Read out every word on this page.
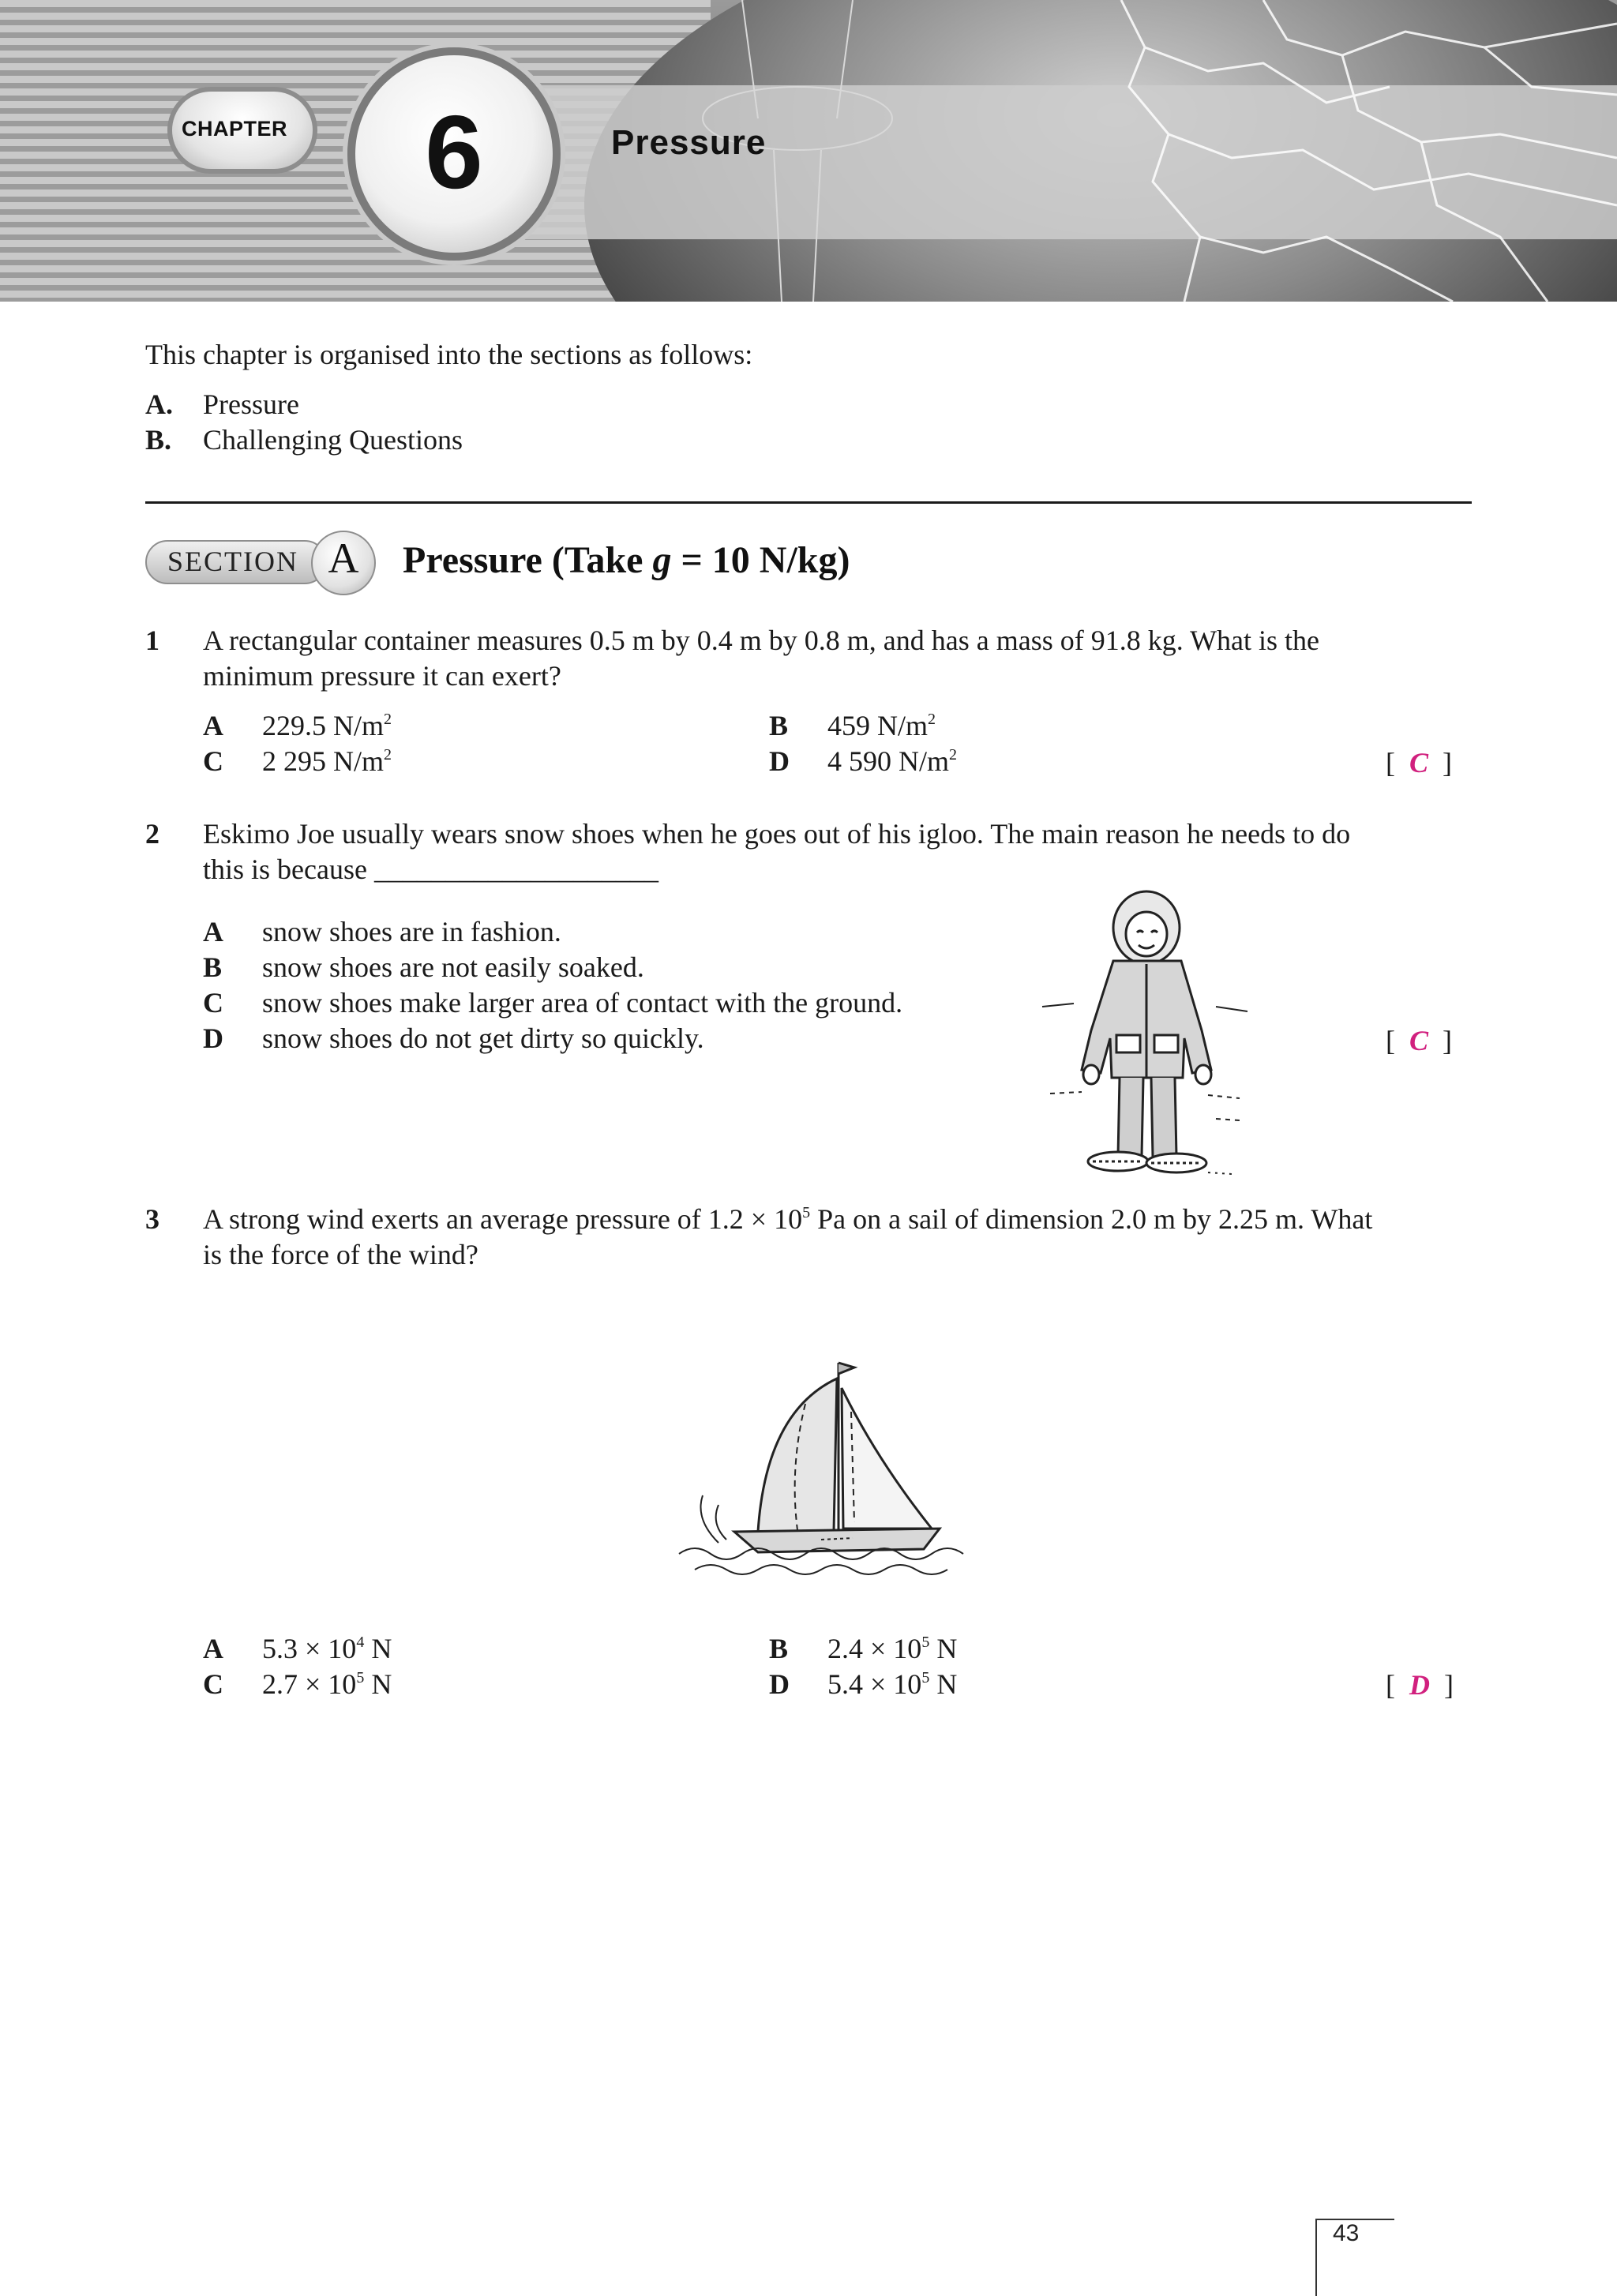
CHAPTER	6	Pressure
This chapter is organised into the sections as follows:
A. Pressure
B. Challenging Questions
SECTION A	Pressure (Take g = 10 N/kg)
1 A rectangular container measures 0.5 m by 0.4 m by 0.8 m, and has a mass of 91.8 kg. What is the
minimum pressure it can exert?
A 229.5 $N/m^2$	B 459 $N/m^2$
C 2 295 $N/m^2$	D 4 590 $N/m^2$	[ C ]
2 Eskimo Joe usually wears snow shoes when he goes out of his igloo. The main reason he needs to do
this is because ____________________
A snow shoes are in fashion.
B snow shoes are not easily soaked.
C snow shoes make larger area of contact with the ground.
D snow shoes do not get dirty so quickly.	[ C ]
3 A strong wind exerts an average pressure of $1.2 \times 10^5$ Pa on a sail of dimension 2.0 m by 2.25 m. What
is the force of the wind?
A $5.3 \times 10^4$ N	B $2.4 \times 10^5$ N
C $2.7 \times 10^5$ N	D $5.4 \times 10^5$ N	[ D ]
43
